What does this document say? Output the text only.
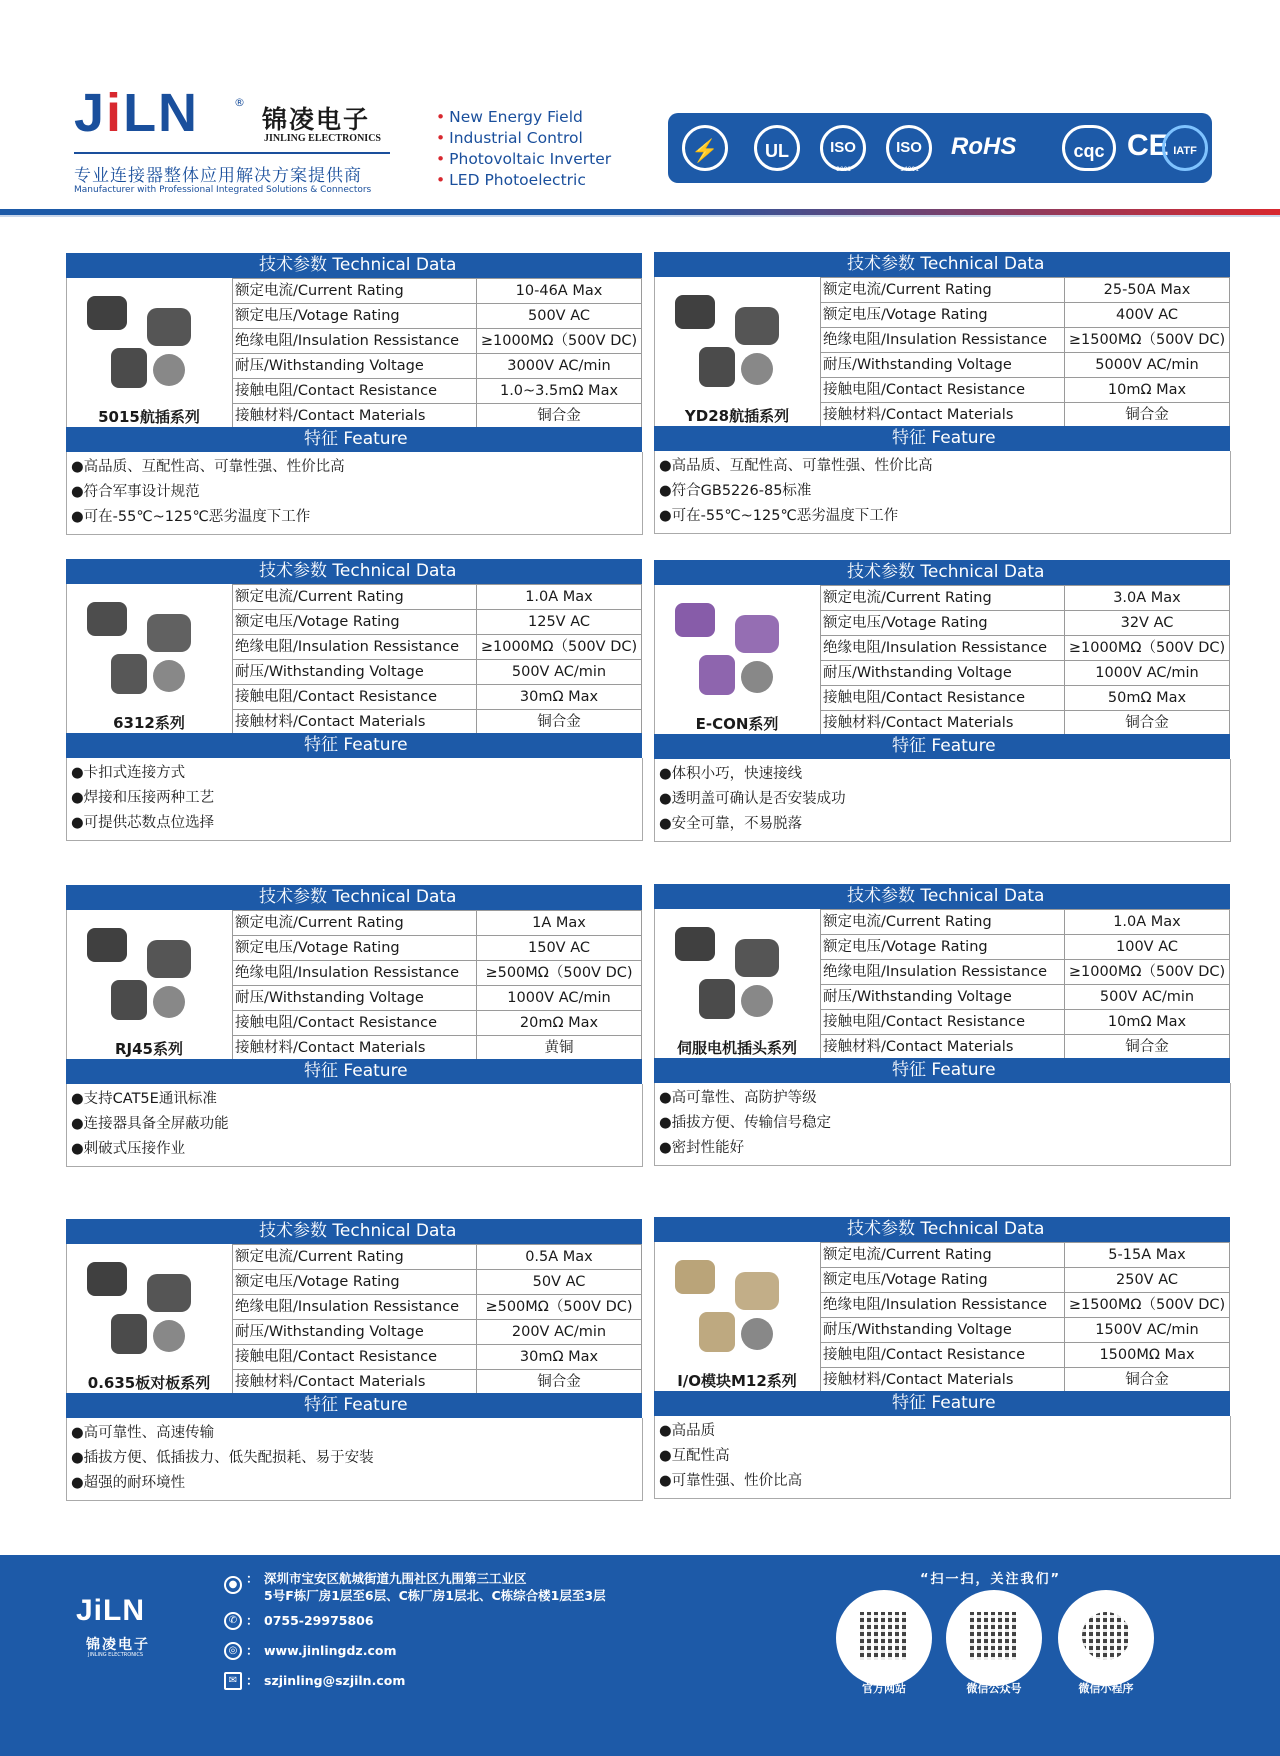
JiLN	®
锦凌电子
JINLING ELECTRONICS
专业连接器整体应用解决方案提供商
Manufacturer with Professional Integrated Solutions & Connectors
• New Energy Field
• Industrial Control
• Photovoltaic Inverter
• LED Photoelectric
⚡	UL	ISO
9001
ISO
14001
RoHS	cqc CE IATF
技术参数 Technical Data
5015航插系列
额定电流/Current Rating	10-46A Max
额定电压/Votage Rating	500V AC
绝缘电阻/Insulation Ressistance	≥1000MΩ（500V DC)
耐压/Withstanding Voltage	3000V AC/min
接触电阻/Contact Resistance	1.0~3.5mΩ Max
接触材料/Contact Materials	铜合金
特征 Feature
●高品质、互配性高、可靠性强、性价比高
●符合军事设计规范
●可在-55℃~125℃恶劣温度下工作
技术参数 Technical Data
YD28航插系列
额定电流/Current Rating	25-50A Max
额定电压/Votage Rating	400V AC
绝缘电阻/Insulation Ressistance	≥1500MΩ（500V DC)
耐压/Withstanding Voltage	5000V AC/min
接触电阻/Contact Resistance	10mΩ Max
接触材料/Contact Materials	铜合金
特征 Feature
●高品质、互配性高、可靠性强、性价比高
●符合GB5226-85标准
●可在-55℃~125℃恶劣温度下工作
技术参数 Technical Data
6312系列
额定电流/Current Rating	1.0A Max
额定电压/Votage Rating	125V AC
绝缘电阻/Insulation Ressistance	≥1000MΩ（500V DC)
耐压/Withstanding Voltage	500V AC/min
接触电阻/Contact Resistance	30mΩ Max
接触材料/Contact Materials	铜合金
特征 Feature
●卡扣式连接方式
●焊接和压接两种工艺
●可提供芯数点位选择
技术参数 Technical Data
E-CON系列
额定电流/Current Rating	3.0A Max
额定电压/Votage Rating	32V AC
绝缘电阻/Insulation Ressistance	≥1000MΩ（500V DC)
耐压/Withstanding Voltage	1000V AC/min
接触电阻/Contact Resistance	50mΩ Max
接触材料/Contact Materials	铜合金
特征 Feature
●体积小巧，快速接线
●透明盖可确认是否安装成功
●安全可靠，不易脱落
技术参数 Technical Data
RJ45系列
额定电流/Current Rating	1A Max
额定电压/Votage Rating	150V AC
绝缘电阻/Insulation Ressistance	≥500MΩ（500V DC)
耐压/Withstanding Voltage	1000V AC/min
接触电阻/Contact Resistance	20mΩ Max
接触材料/Contact Materials	黄铜
特征 Feature
●支持CAT5E通讯标准
●连接器具备全屏蔽功能
●刺破式压接作业
技术参数 Technical Data
伺服电机插头系列
额定电流/Current Rating	1.0A Max
额定电压/Votage Rating	100V AC
绝缘电阻/Insulation Ressistance	≥1000MΩ（500V DC)
耐压/Withstanding Voltage	500V AC/min
接触电阻/Contact Resistance	10mΩ Max
接触材料/Contact Materials	铜合金
特征 Feature
●高可靠性、高防护等级
●插拔方便、传输信号稳定
●密封性能好
技术参数 Technical Data
0.635板对板系列
额定电流/Current Rating	0.5A Max
额定电压/Votage Rating	50V AC
绝缘电阻/Insulation Ressistance	≥500MΩ（500V DC)
耐压/Withstanding Voltage	200V AC/min
接触电阻/Contact Resistance	30mΩ Max
接触材料/Contact Materials	铜合金
特征 Feature
●高可靠性、高速传输
●插拔方便、低插拔力、低失配损耗、易于安装
●超强的耐环境性
技术参数 Technical Data
I/O模块M12系列
额定电流/Current Rating	5-15A Max
额定电压/Votage Rating	250V AC
绝缘电阻/Insulation Ressistance	≥1500MΩ（500V DC)
耐压/Withstanding Voltage	1500V AC/min
接触电阻/Contact Resistance	1500MΩ Max
接触材料/Contact Materials	铜合金
特征 Feature
●高品质
●互配性高
●可靠性强、性价比高
JiLN
锦凌电子
JINLING ELECTRONICS
● ： 深圳市宝安区航城街道九围社区九围第三工业区
5号F栋厂房1层至6层、C栋厂房1层北、C栋综合楼1层至3层
✆ ： 0755-29975806
◎ ： www.jinlingdz.com
✉ ： szjinling@szjiln.com
“扫一扫，关注我们”
官方网站	微信公众号	微信小程序
